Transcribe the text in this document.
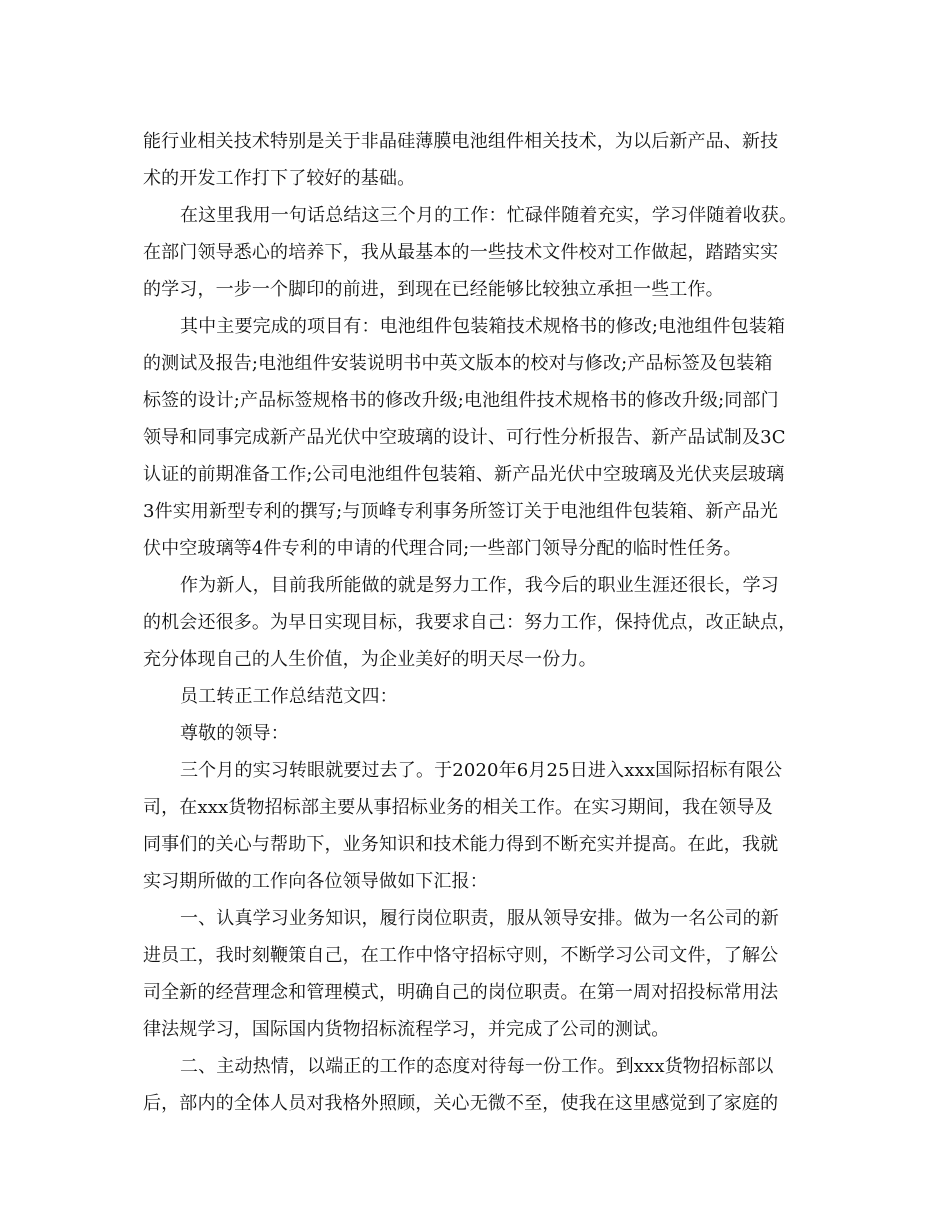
能行业相关技术特别是关于非晶硅薄膜电池组件相关技术，为以后新产品、新技
术的开发工作打下了较好的基础。
在这里我用一句话总结这三个月的工作：忙碌伴随着充实，学习伴随着收获。
在部门领导悉心的培养下，我从最基本的一些技术文件校对工作做起，踏踏实实
的学习，一步一个脚印的前进，到现在已经能够比较独立承担一些工作。
其中主要完成的项目有：电池组件包装箱技术规格书的修改;电池组件包装箱
的测试及报告;电池组件安装说明书中英文版本的校对与修改;产品标签及包装箱
标签的设计;产品标签规格书的修改升级;电池组件技术规格书的修改升级;同部门
领导和同事完成新产品光伏中空玻璃的设计、可行性分析报告、新产品试制及3C
认证的前期准备工作;公司电池组件包装箱、新产品光伏中空玻璃及光伏夹层玻璃
3件实用新型专利的撰写;与顶峰专利事务所签订关于电池组件包装箱、新产品光
伏中空玻璃等4件专利的申请的代理合同;一些部门领导分配的临时性任务。
作为新人，目前我所能做的就是努力工作，我今后的职业生涯还很长，学习
的机会还很多。为早日实现目标，我要求自己：努力工作，保持优点，改正缺点，
充分体现自己的人生价值，为企业美好的明天尽一份力。
员工转正工作总结范文四：
尊敬的领导：
三个月的实习转眼就要过去了。于2020年6月25日进入xxx国际招标有限公
司，在xxx货物招标部主要从事招标业务的相关工作。在实习期间，我在领导及
同事们的关心与帮助下，业务知识和技术能力得到不断充实并提高。在此，我就
实习期所做的工作向各位领导做如下汇报：
一、认真学习业务知识，履行岗位职责，服从领导安排。做为一名公司的新
进员工，我时刻鞭策自己，在工作中恪守招标守则，不断学习公司文件，了解公
司全新的经营理念和管理模式，明确自己的岗位职责。在第一周对招投标常用法
律法规学习，国际国内货物招标流程学习，并完成了公司的测试。
二、主动热情，以端正的工作的态度对待每一份工作。到xxx货物招标部以
后，部内的全体人员对我格外照顾，关心无微不至，使我在这里感觉到了家庭的
